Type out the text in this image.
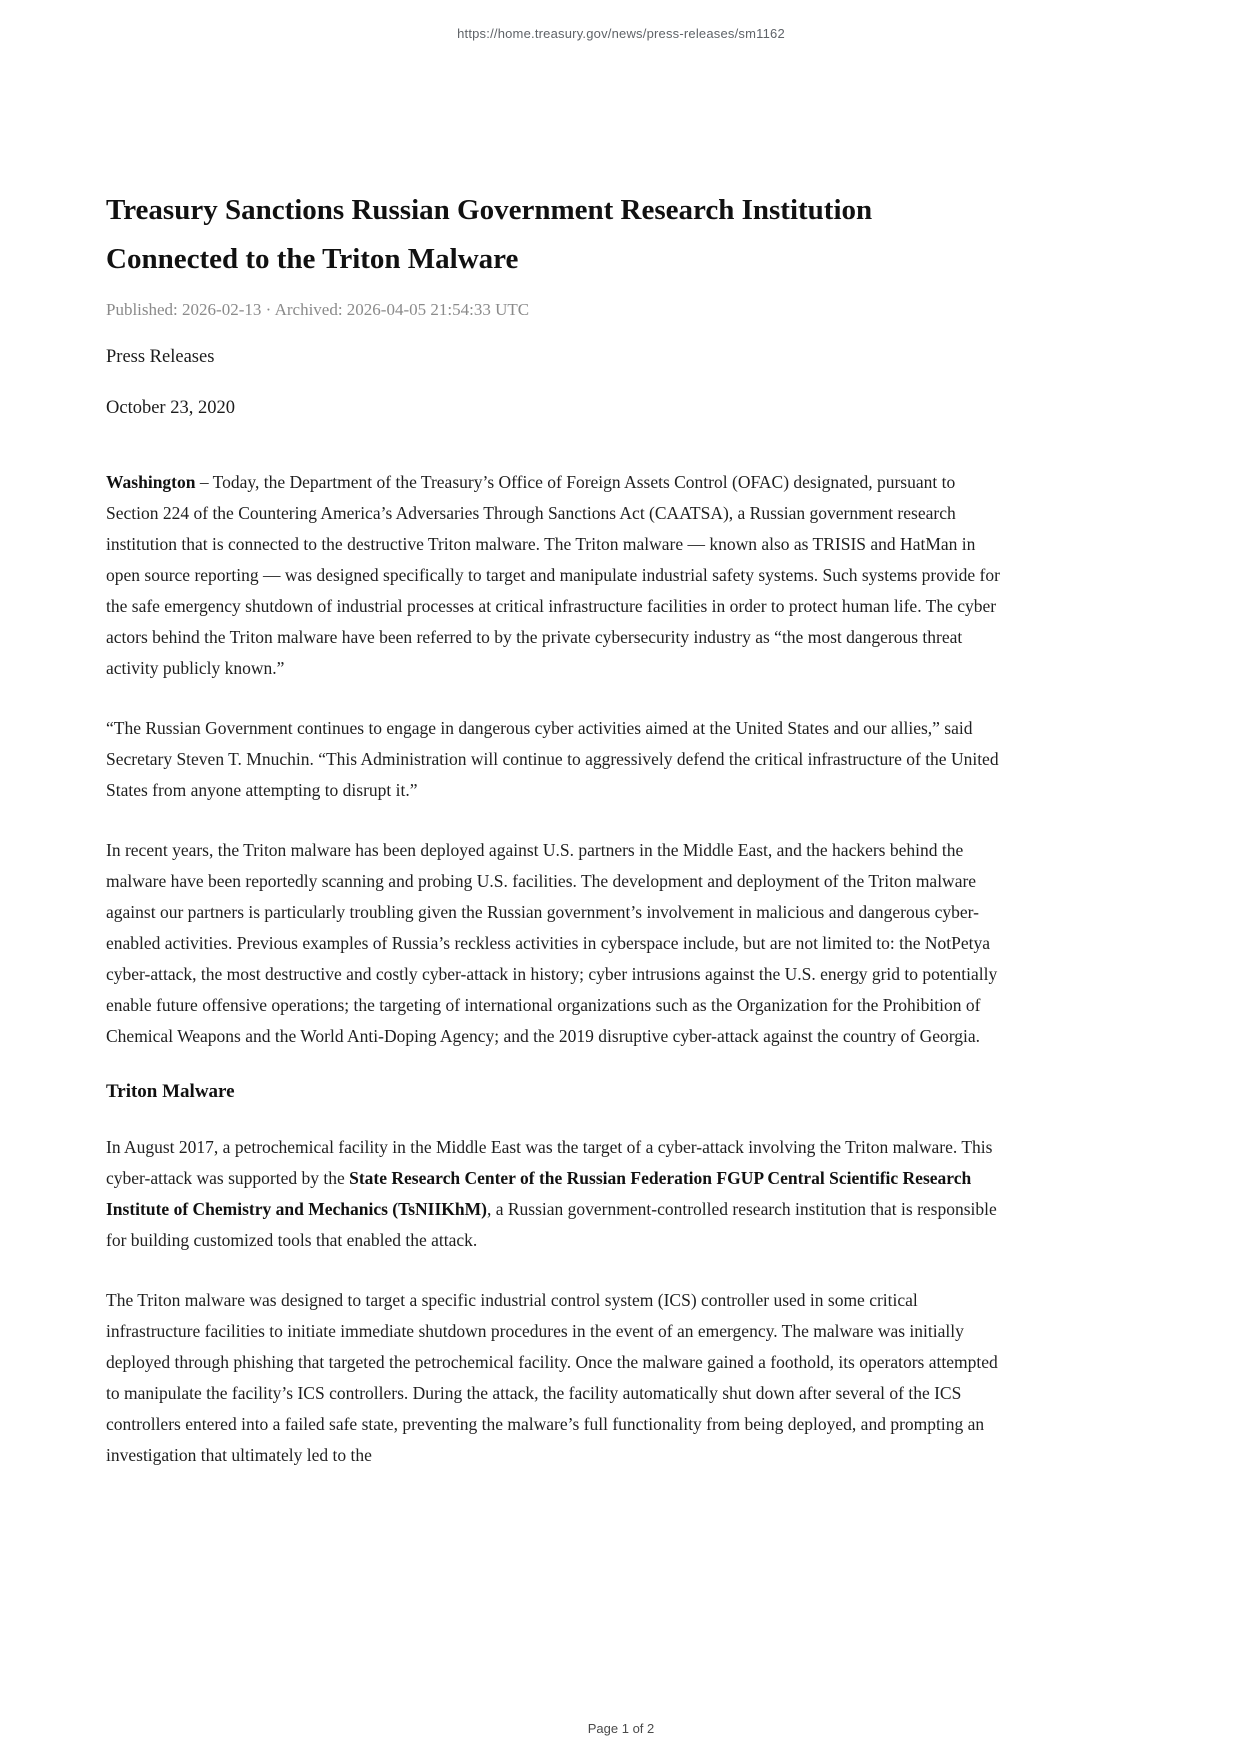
https://home.treasury.gov/news/press-releases/sm1162
Treasury Sanctions Russian Government Research Institution Connected to the Triton Malware
Published: 2026-02-13 · Archived: 2026-04-05 21:54:33 UTC
Press Releases
October 23, 2020

Washington – Today, the Department of the Treasury’s Office of Foreign Assets Control (OFAC) designated, pursuant to Section 224 of the Countering America’s Adversaries Through Sanctions Act (CAATSA), a Russian government research institution that is connected to the destructive Triton malware. The Triton malware — known also as TRISIS and HatMan in open source reporting — was designed specifically to target and manipulate industrial safety systems. Such systems provide for the safe emergency shutdown of industrial processes at critical infrastructure facilities in order to protect human life. The cyber actors behind the Triton malware have been referred to by the private cybersecurity industry as “the most dangerous threat activity publicly known.”

“The Russian Government continues to engage in dangerous cyber activities aimed at the United States and our allies,” said Secretary Steven T. Mnuchin. “This Administration will continue to aggressively defend the critical infrastructure of the United States from anyone attempting to disrupt it.”

In recent years, the Triton malware has been deployed against U.S. partners in the Middle East, and the hackers behind the malware have been reportedly scanning and probing U.S. facilities. The development and deployment of the Triton malware against our partners is particularly troubling given the Russian government’s involvement in malicious and dangerous cyber-enabled activities. Previous examples of Russia’s reckless activities in cyberspace include, but are not limited to: the NotPetya cyber-attack, the most destructive and costly cyber-attack in history; cyber intrusions against the U.S. energy grid to potentially enable future offensive operations; the targeting of international organizations such as the Organization for the Prohibition of Chemical Weapons and the World Anti-Doping Agency; and the 2019 disruptive cyber-attack against the country of Georgia.

Triton Malware

In August 2017, a petrochemical facility in the Middle East was the target of a cyber-attack involving the Triton malware. This cyber-attack was supported by the State Research Center of the Russian Federation FGUP Central Scientific Research Institute of Chemistry and Mechanics (TsNIIKhM), a Russian government-controlled research institution that is responsible for building customized tools that enabled the attack.

The Triton malware was designed to target a specific industrial control system (ICS) controller used in some critical infrastructure facilities to initiate immediate shutdown procedures in the event of an emergency. The malware was initially deployed through phishing that targeted the petrochemical facility. Once the malware gained a foothold, its operators attempted to manipulate the facility’s ICS controllers. During the attack, the facility automatically shut down after several of the ICS controllers entered into a failed safe state, preventing the malware’s full functionality from being deployed, and prompting an investigation that ultimately led to the

Page 1 of 2
